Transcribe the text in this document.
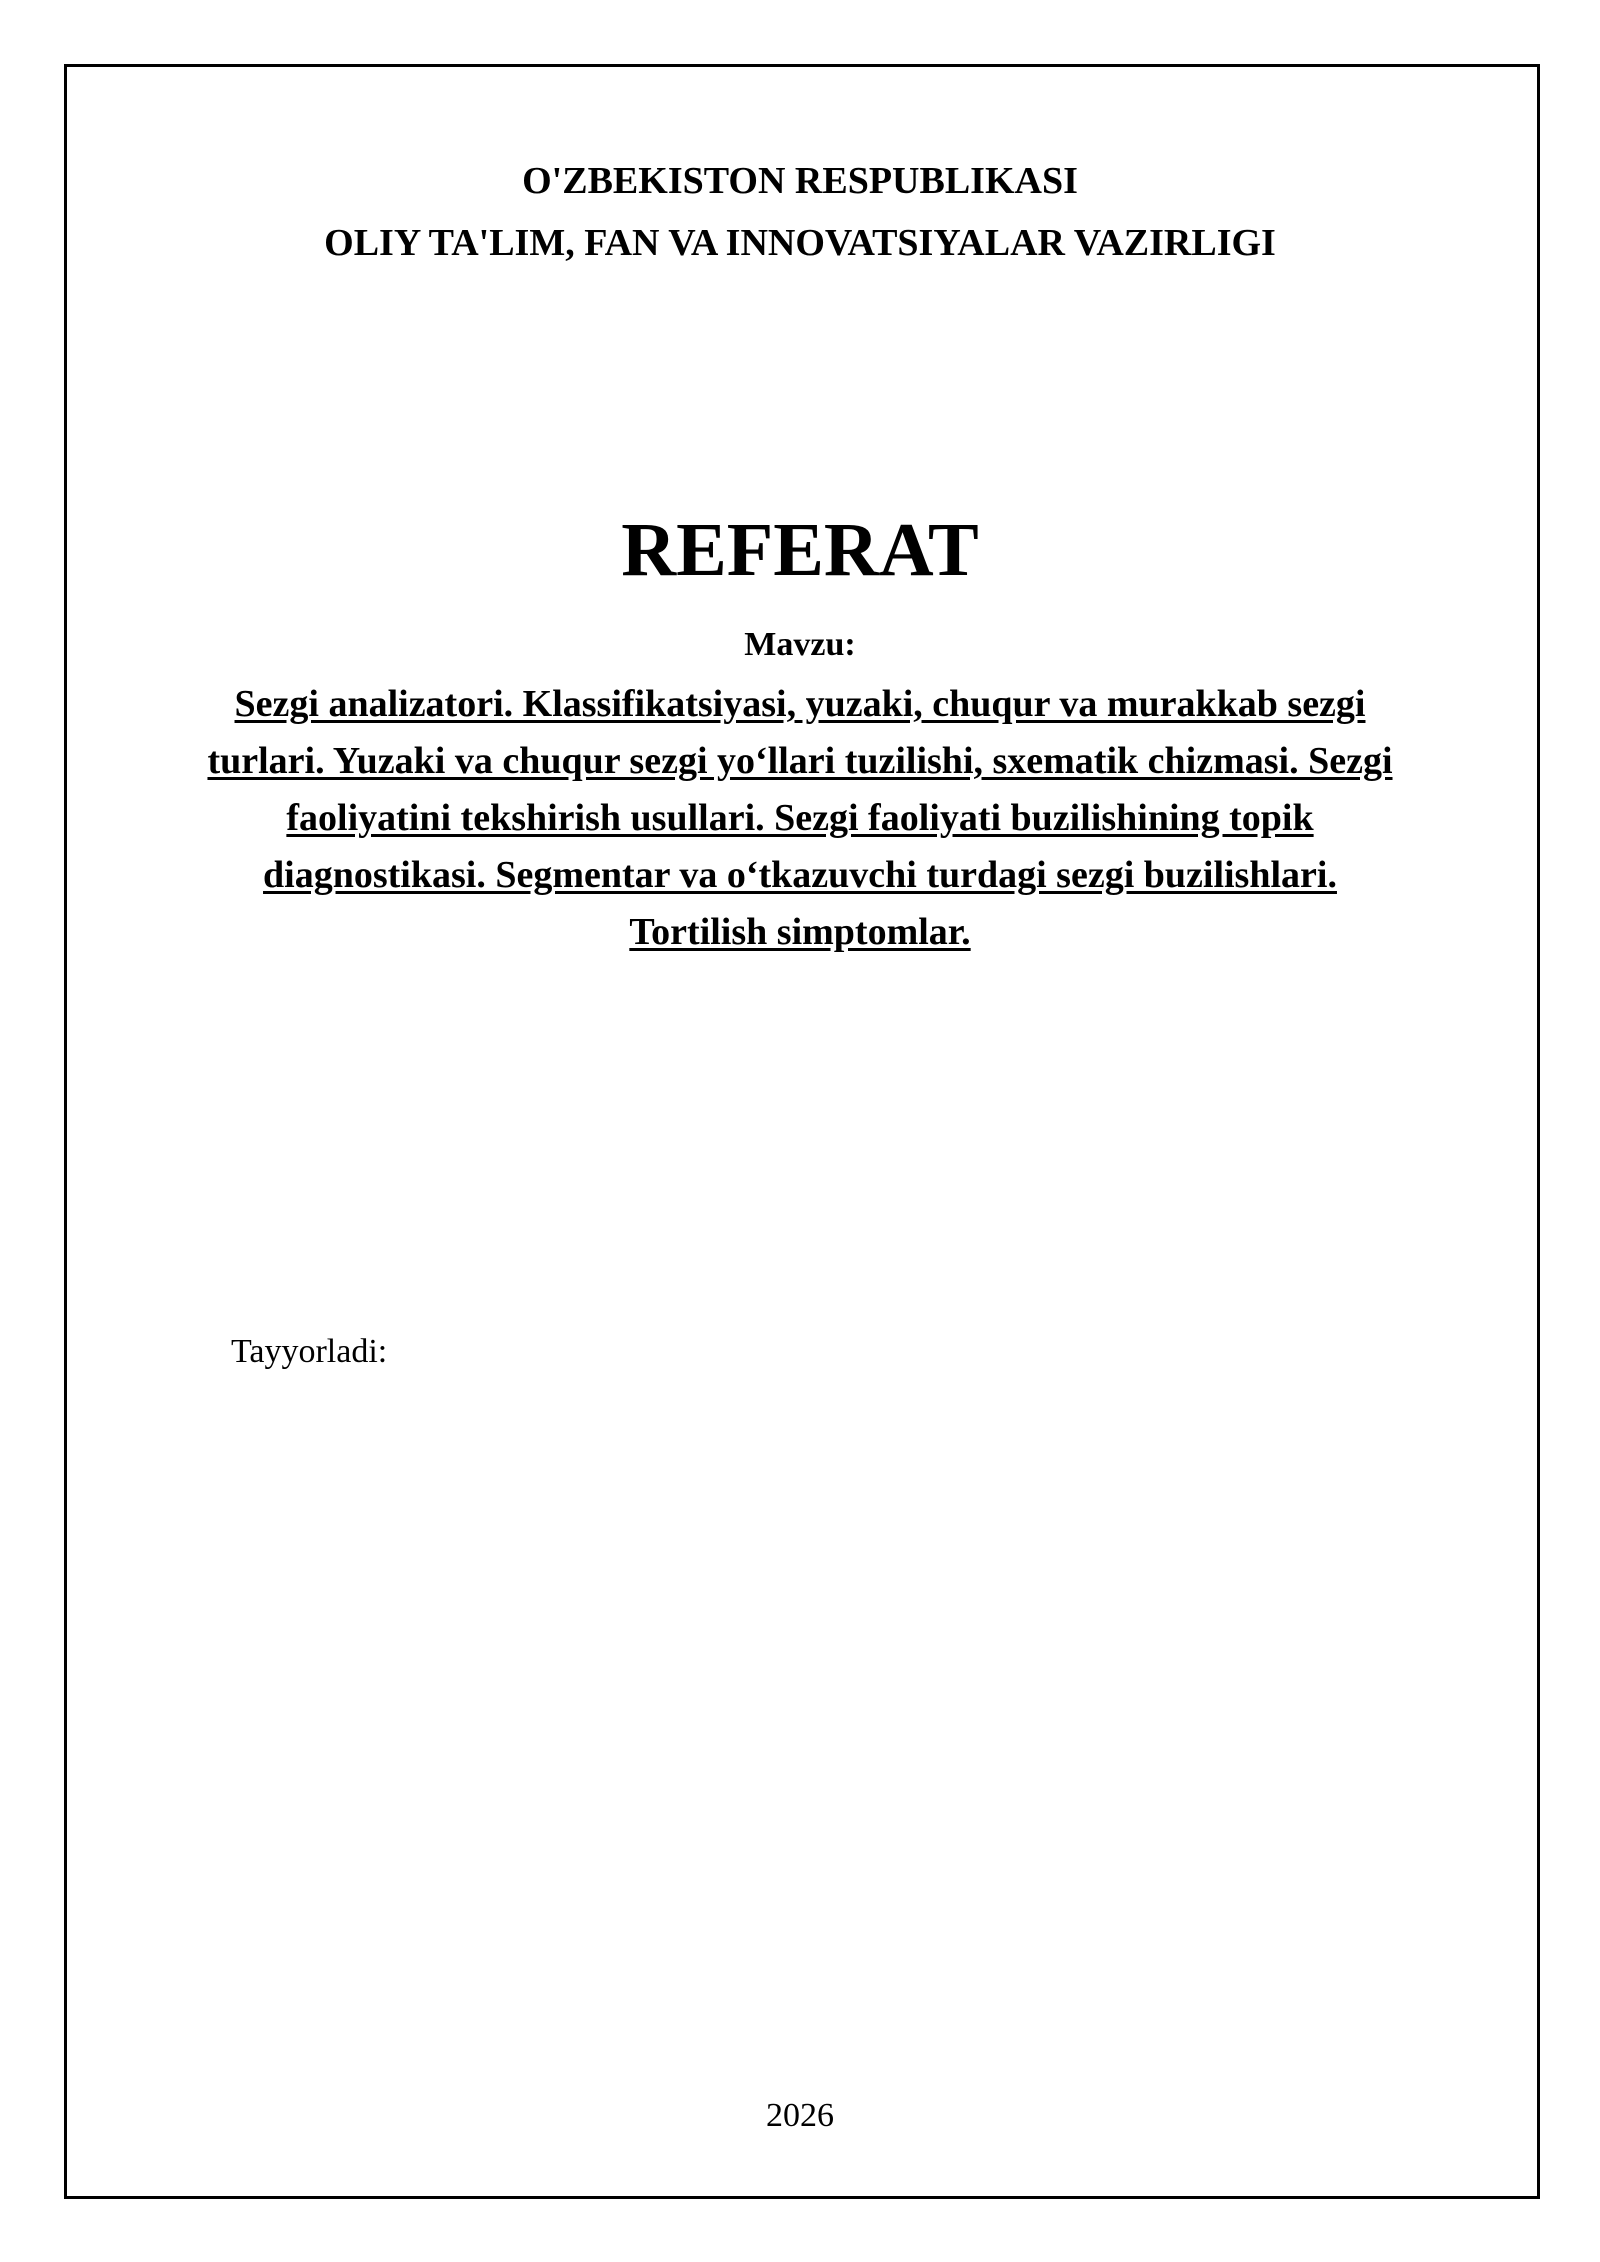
O'ZBEKISTON RESPUBLIKASI

OLIY TA'LIM, FAN VA INNOVATSIYALAR VAZIRLIGI

REFERAT

Mavzu:

Sezgi analizatori. Klassifikatsiyasi, yuzaki, chuqur va murakkab sezgi turlari. Yuzaki va chuqur sezgi yo‘llari tuzilishi, sxematik chizmasi. Sezgi faoliyatini tekshirish usullari. Sezgi faoliyati buzilishining topik diagnostikasi. Segmentar va o‘tkazuvchi turdagi sezgi buzilishlari. Tortilish simptomlar.

Tayyorladi:

2026
